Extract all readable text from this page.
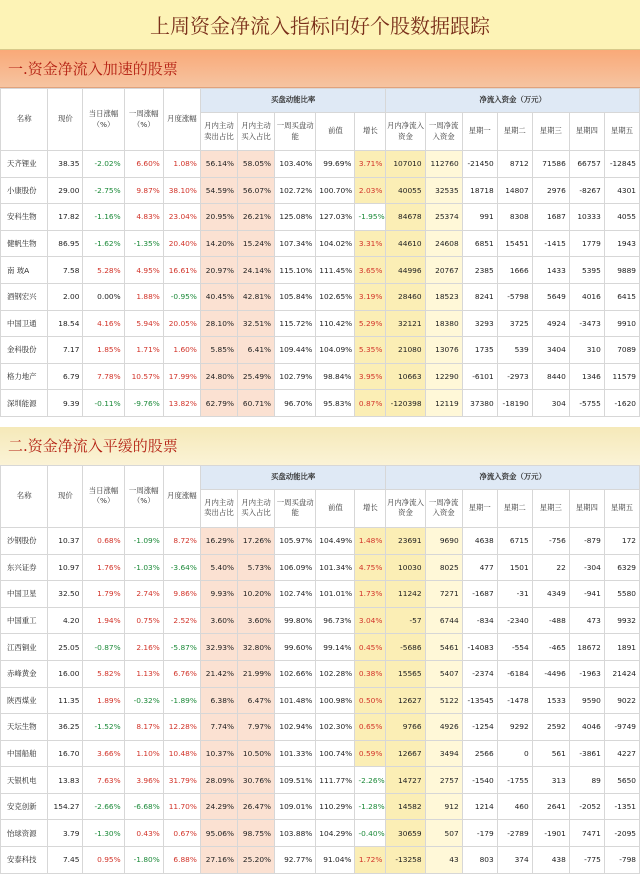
上周资金净流入指标向好个股数据跟踪
一.资金净流入加速的股票
名称	现价	当日涨幅（%）	一周涨幅（%）	月度涨幅	买盘动能比率					净流入资金（万元）						
					月内主动卖出占比	月内主动买入占比	一周买盘动能	前值	增长	月内净流入资金	一周净流入资金	星期一	星期二	星期三	星期四	星期五
天齐锂业	38.35	-2.02%	6.60%	1.08%	56.14%	58.05%	103.40%	99.69%	3.71%	107010	112760	-21450	8712	71586	66757	-12845
小康股份	29.00	-2.75%	9.87%	38.10%	54.59%	56.07%	102.72%	100.70%	2.03%	40055	32535	18718	14807	2976	-8267	4301
安科生物	17.82	-1.16%	4.83%	23.04%	20.95%	26.21%	125.08%	127.03%	-1.95%	84678	25374	991	8308	1687	10333	4055
健帆生物	86.95	-1.62%	-1.35%	20.40%	14.20%	15.24%	107.34%	104.02%	3.31%	44610	24608	6851	15451	-1415	1779	1943
南 玻A	7.58	5.28%	4.95%	16.61%	20.97%	24.14%	115.10%	111.45%	3.65%	44996	20767	2385	1666	1433	5395	9889
酒钢宏兴	2.00	0.00%	1.88%	-0.95%	40.45%	42.81%	105.84%	102.65%	3.19%	28460	18523	8241	-5798	5649	4016	6415
中国卫通	18.54	4.16%	5.94%	20.05%	28.10%	32.51%	115.72%	110.42%	5.29%	32121	18380	3293	3725	4924	-3473	9910
金科股份	7.17	1.85%	1.71%	1.60%	5.85%	6.41%	109.44%	104.09%	5.35%	21080	13076	1735	539	3404	310	7089
格力地产	6.79	7.78%	10.57%	17.99%	24.80%	25.49%	102.79%	98.84%	3.95%	10663	12290	-6101	-2973	8440	1346	11579
深圳能源	9.39	-0.11%	-9.76%	13.82%	62.79%	60.71%	96.70%	95.83%	0.87%	-120398	12119	37380	-18190	304	-5755	-1620
二.资金净流入平缓的股票
名称	现价	当日涨幅（%）	一周涨幅（%）	月度涨幅	买盘动能比率					净流入资金（万元）						
					月内主动卖出占比	月内主动买入占比	一周买盘动能	前值	增长	月内净流入资金	一周净流入资金	星期一	星期二	星期三	星期四	星期五
沙钢股份	10.37	0.68%	-1.09%	8.72%	16.29%	17.26%	105.97%	104.49%	1.48%	23691	9690	4638	6715	-756	-879	172
东兴证券	10.97	1.76%	-1.03%	-3.64%	5.40%	5.73%	106.09%	101.34%	4.75%	10030	8025	477	1501	22	-304	6329
中国卫星	32.50	1.79%	2.74%	9.86%	9.93%	10.20%	102.74%	101.01%	1.73%	11242	7271	-1687	-31	4349	-941	5580
中国重工	4.20	1.94%	0.75%	2.52%	3.60%	3.60%	99.80%	96.73%	3.04%	-57	6744	-834	-2340	-488	473	9932
江西铜业	25.05	-0.87%	2.16%	-5.87%	32.93%	32.80%	99.60%	99.14%	0.45%	-5686	5461	-14083	-554	-465	18672	1891
赤峰黄金	16.00	5.82%	1.13%	6.76%	21.42%	21.99%	102.66%	102.28%	0.38%	15565	5407	-2374	-6184	-4496	-1963	21424
陕西煤业	11.35	1.89%	-0.32%	-1.89%	6.38%	6.47%	101.48%	100.98%	0.50%	12627	5122	-13545	-1478	1533	9590	9022
天坛生物	36.25	-1.52%	8.17%	12.28%	7.74%	7.97%	102.94%	102.30%	0.65%	9766	4926	-1254	9292	2592	4046	-9749
中国船舶	16.70	3.66%	1.10%	10.48%	10.37%	10.50%	101.33%	100.74%	0.59%	12667	3494	2566	0	561	-3861	4227
天银机电	13.83	7.63%	3.96%	31.79%	28.09%	30.76%	109.51%	111.77%	-2.26%	14727	2757	-1540	-1755	313	89	5650
安克创新	154.27	-2.66%	-6.68%	11.70%	24.29%	26.47%	109.01%	110.29%	-1.28%	14582	912	1214	460	2641	-2052	-1351
怡球资源	3.79	-1.30%	0.43%	0.67%	95.06%	98.75%	103.88%	104.29%	-0.40%	30659	507	-179	-2789	-1901	7471	-2095
安泰科技	7.45	0.95%	-1.80%	6.88%	27.16%	25.20%	92.77%	91.04%	1.72%	-13258	43	803	374	438	-775	-798
